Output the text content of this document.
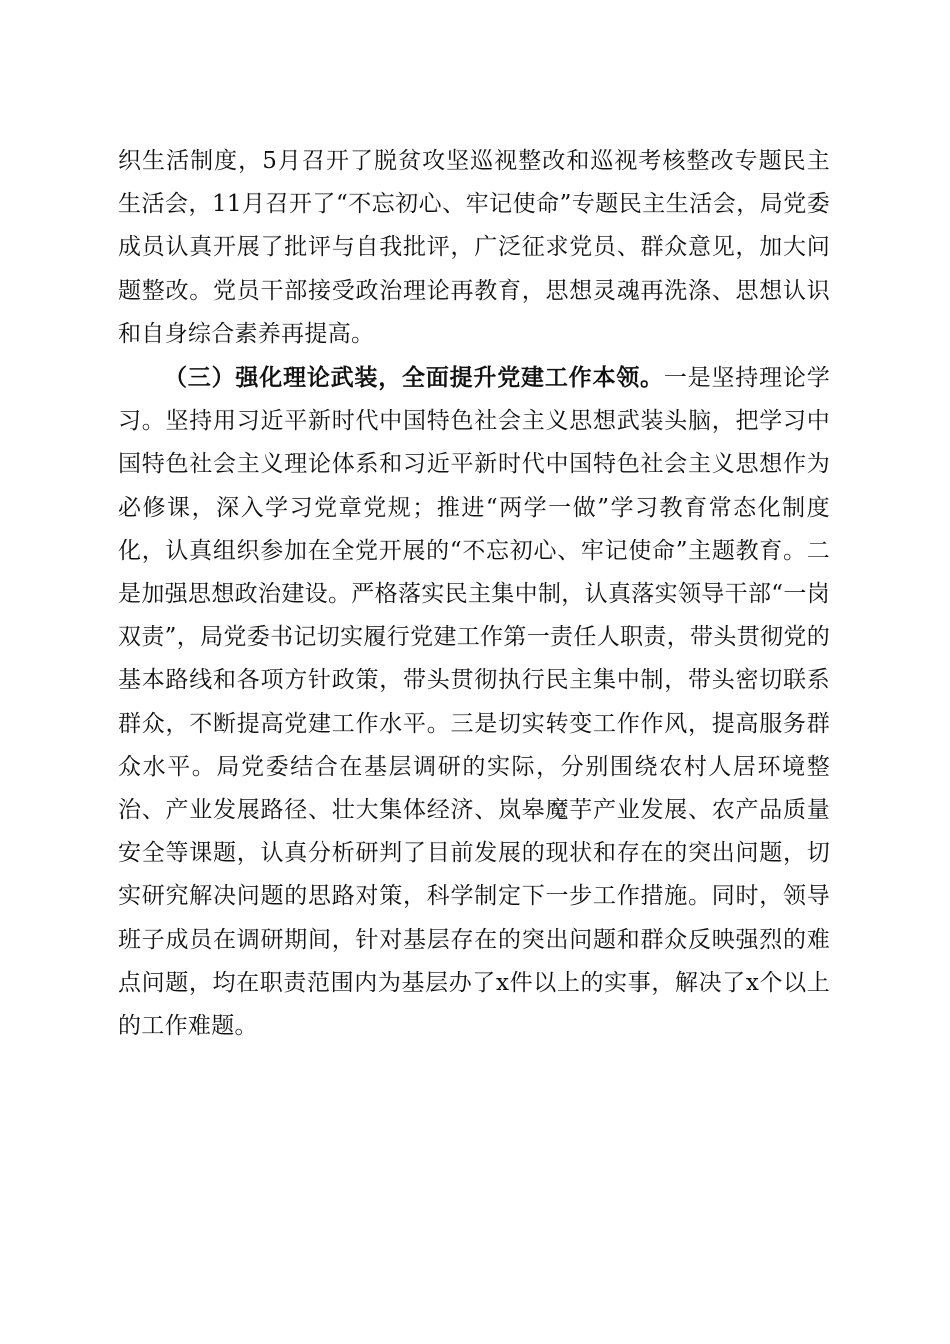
织生活制度，5月召开了脱贫攻坚巡视整改和巡视考核整改专题民主生活会，11月召开了“不忘初心、牢记使命”专题民主生活会，局党委成员认真开展了批评与自我批评，广泛征求党员、群众意见，加大问题整改。党员干部接受政治理论再教育，思想灵魂再洗涤、思想认识和自身综合素养再提高。

（三）强化理论武装，全面提升党建工作本领。一是坚持理论学习。坚持用习近平新时代中国特色社会主义思想武装头脑，把学习中国特色社会主义理论体系和习近平新时代中国特色社会主义思想作为必修课，深入学习党章党规；推进“两学一做”学习教育常态化制度化，认真组织参加在全党开展的“不忘初心、牢记使命”主题教育。二是加强思想政治建设。严格落实民主集中制，认真落实领导干部“一岗双责”，局党委书记切实履行党建工作第一责任人职责，带头贯彻党的基本路线和各项方针政策，带头贯彻执行民主集中制，带头密切联系群众，不断提高党建工作水平。三是切实转变工作作风，提高服务群众水平。局党委结合在基层调研的实际，分别围绕农村人居环境整治、产业发展路径、壮大集体经济、岚皋魔芋产业发展、农产品质量安全等课题，认真分析研判了目前发展的现状和存在的突出问题，切实研究解决问题的思路对策，科学制定下一步工作措施。同时，领导班子成员在调研期间，针对基层存在的突出问题和群众反映强烈的难点问题，均在职责范围内为基层办了x件以上的实事，解决了x个以上的工作难题。
